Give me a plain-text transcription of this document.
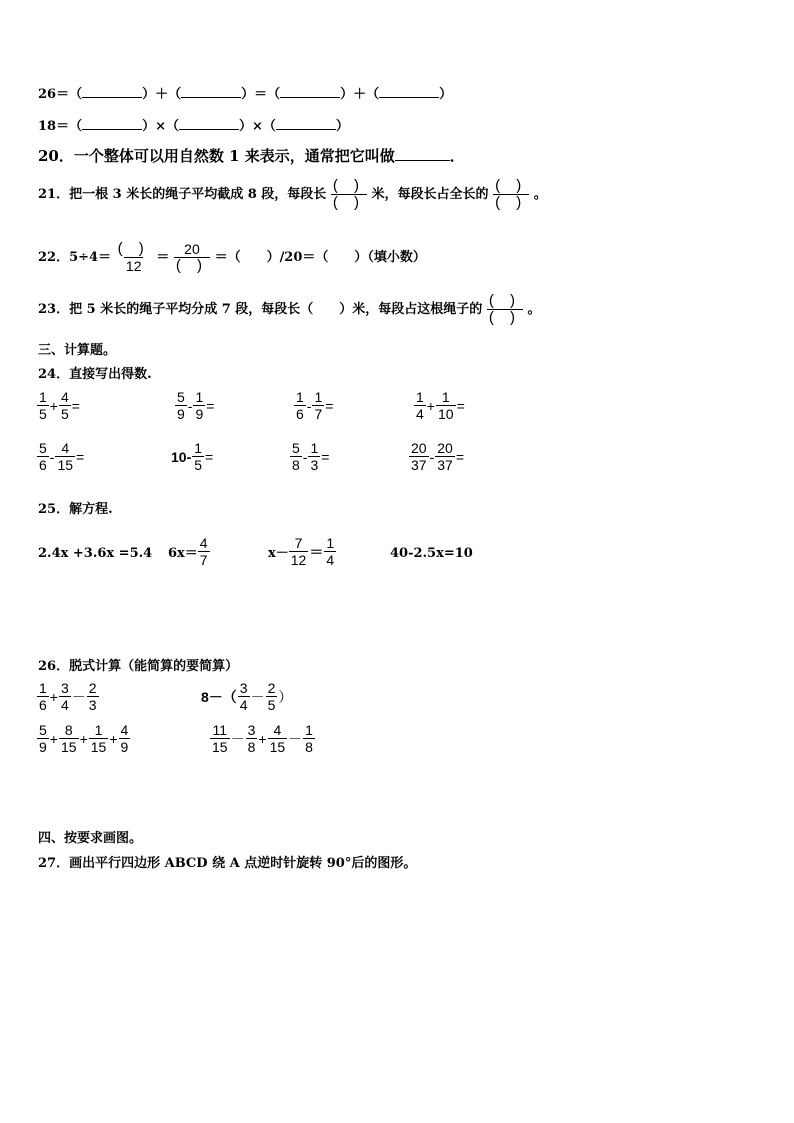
26＝（	）＋（	）＝（	）＋（	）
18＝（	）×（	）×（	）
20．一个整体可以用自然数 1 来表示，通常把它叫做	．
21．把一根 3 米长的绳子平均截成 8 段，每段长 $\frac{( )}{( )}$ 米，每段长占全长的 $\frac{( )}{( )}$ 。
22．$5\div 4= \frac{( )}{12} = \frac{20}{( )}$ ＝（　　）/20＝（　　）（填小数）
23．把 5 米长的绳子平均分成 7 段，每段长（　　）米，每段占这根绳子的 $\frac{( )}{( )}$ 。
三、计算题。
24．直接写出得数.
$\frac{1}{5} + \frac{4}{5}$ =	$\frac{5}{9} - \frac{1}{9}$ =	$\frac{1}{6} - \frac{1}{7}$ =	$\frac{1}{4} + \frac{1}{10}$ =
$\frac{5}{6} - \frac{4}{15}$ =	$10- \frac{1}{5}$ =	$\frac{5}{8} - \frac{1}{3}$ =	$\frac{20}{37} - \frac{20}{37}$ =
25．解方程.
2.4x +3.6x =5.4 $6x= \frac{4}{7}$	$x- \frac{7}{12} = \frac{1}{4}$	40-2.5x=10
26．脱式计算（能简算的要简算）
$\frac{1}{6} + \frac{3}{4} - \frac{2}{3}$	$8-( \frac{3}{4} - \frac{2}{5}$ ）
$\frac{5}{9} + \frac{8}{15} + \frac{1}{15} + \frac{4}{9}$	$\frac{11}{15} - \frac{3}{8} + \frac{4}{15} - \frac{1}{8}$
四、按要求画图。
27．画出平行四边形 ABCD 绕 A 点逆时针旋转 90°后的图形。
